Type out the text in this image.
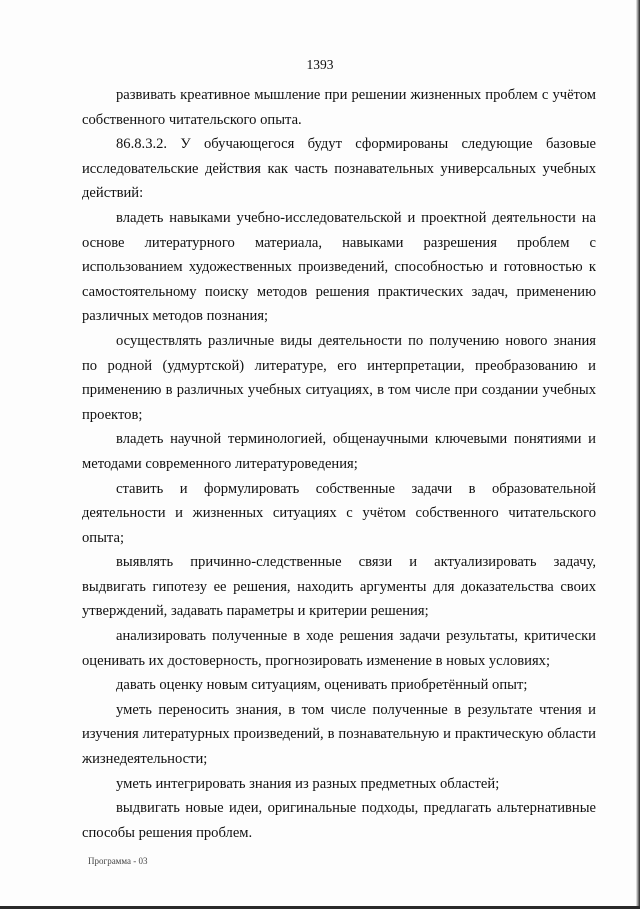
1393

развивать креативное мышление при решении жизненных проблем с учётом собственного читательского опыта.

86.8.3.2. У обучающегося будут сформированы следующие базовые исследовательские действия как часть познавательных универсальных учебных действий:

владеть навыками учебно-исследовательской и проектной деятельности на основе литературного материала, навыками разрешения проблем с использованием художественных произведений, способностью и готовностью к самостоятельному поиску методов решения практических задач, применению различных методов познания;

осуществлять различные виды деятельности по получению нового знания по родной (удмуртской) литературе, его интерпретации, преобразованию и применению в различных учебных ситуациях, в том числе при создании учебных проектов;

владеть научной терминологией, общенаучными ключевыми понятиями и методами современного литературоведения;

ставить и формулировать собственные задачи в образовательной деятельности и жизненных ситуациях с учётом собственного читательского опыта;

выявлять причинно-следственные связи и актуализировать задачу, выдвигать гипотезу ее решения, находить аргументы для доказательства своих утверждений, задавать параметры и критерии решения;

анализировать полученные в ходе решения задачи результаты, критически оценивать их достоверность, прогнозировать изменение в новых условиях;

давать оценку новым ситуациям, оценивать приобретённый опыт;

уметь переносить знания, в том числе полученные в результате чтения и изучения литературных произведений, в познавательную и практическую области жизнедеятельности;

уметь интегрировать знания из разных предметных областей;

выдвигать новые идеи, оригинальные подходы, предлагать альтернативные способы решения проблем.

Программа - 03
